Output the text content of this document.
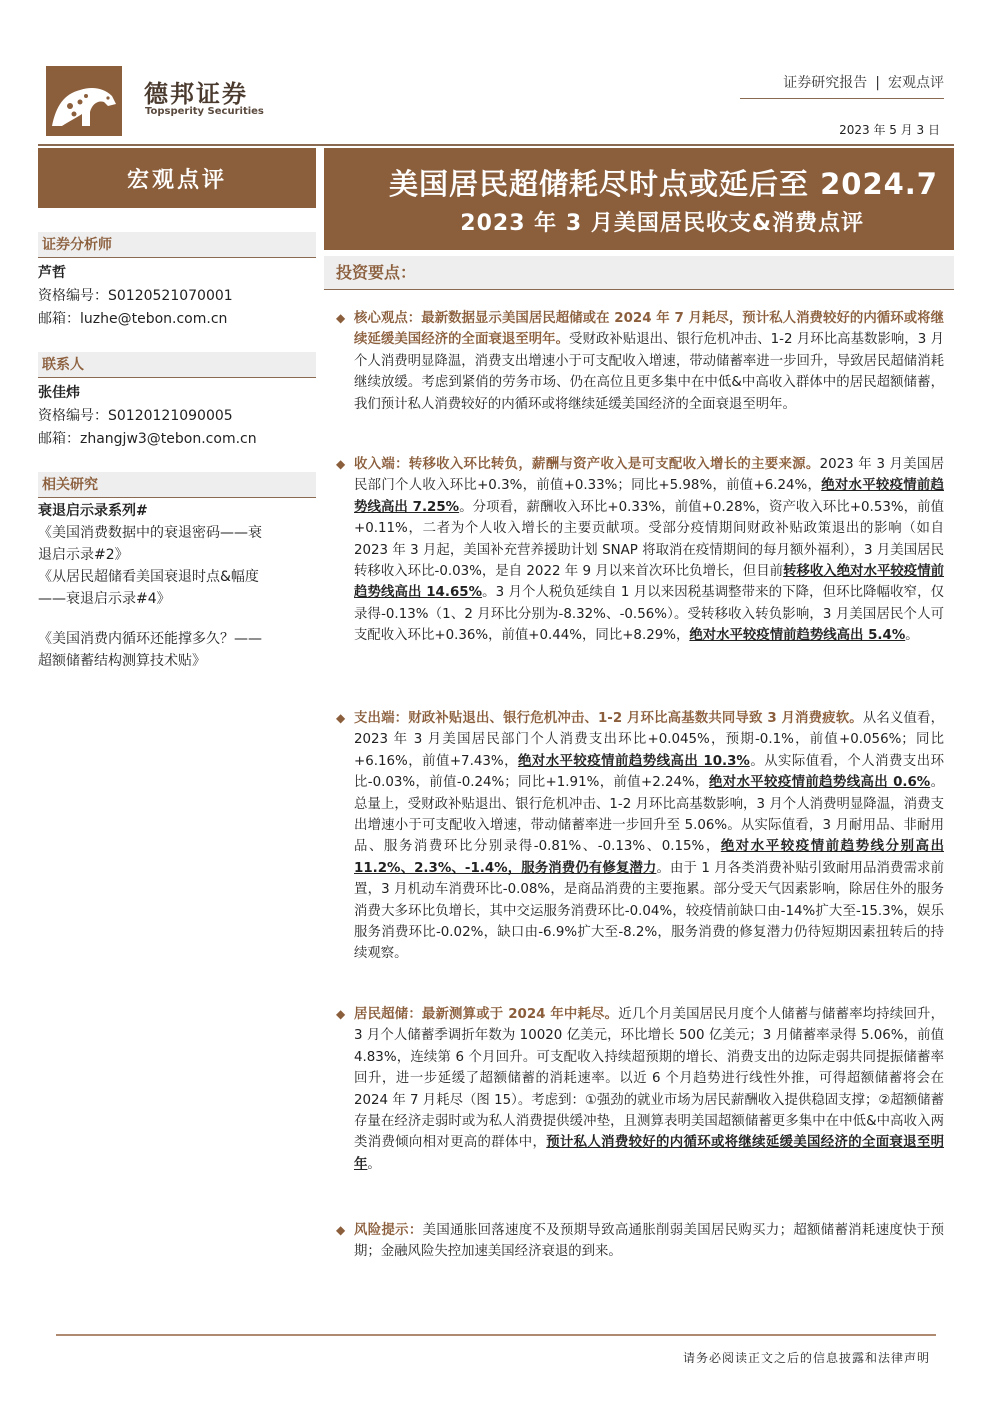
德邦证券
Topsperity Securities
证券研究报告 | 宏观点评
2023 年 5 月 3 日
宏观点评	美国居民超储耗尽时点或延后至 2024.7
2023 年 3 月美国居民收支&消费点评
证券分析师
芦哲
资格编号：S0120521070001
邮箱：luzhe@tebon.com.cn
联系人
张佳炜
资格编号：S0120121090005
邮箱：zhangjw3@tebon.com.cn
相关研究
衰退启示录系列#
《美国消费数据中的衰退密码——衰
退启示录#2》
《从居民超储看美国衰退时点&幅度
——衰退启示录#4》
《美国消费内循环还能撑多久？——
超额储蓄结构测算技术贴》
投资要点：
◆ 核心观点：最新数据显示美国居民超储或在 2024 年 7 月耗尽，预计私人消费较好的内循环或将继续延缓美国经济的全面衰退至明年。受财政补贴退出、银行危机冲击、1-2 月环比高基数影响，3 月个人消费明显降温，消费支出增速小于可支配收入增速，带动储蓄率进一步回升，导致居民超储消耗继续放缓。考虑到紧俏的劳务市场、仍在高位且更多集中在中低&中高收入群体中的居民超额储蓄，我们预计私人消费较好的内循环或将继续延缓美国经济的全面衰退至明年。
◆ 收入端：转移收入环比转负，薪酬与资产收入是可支配收入增长的主要来源。2023 年 3 月美国居民部门个人收入环比+0.3%，前值+0.33%；同比+5.98%，前值+6.24%，绝对水平较疫情前趋势线高出 7.25%。分项看，薪酬收入环比+0.33%，前值+0.28%，资产收入环比+0.53%，前值+0.11%，二者为个人收入增长的主要贡献项。受部分疫情期间财政补贴政策退出的影响（如自 2023 年 3 月起，美国补充营养援助计划 SNAP 将取消在疫情期间的每月额外福利），3 月美国居民转移收入环比-0.03%，是自 2022 年 9 月以来首次环比负增长，但目前转移收入绝对水平较疫情前趋势线高出 14.65%。3 月个人税负延续自 1 月以来因税基调整带来的下降，但环比降幅收窄，仅录得-0.13%（1、2 月环比分别为-8.32%、-0.56%）。受转移收入转负影响，3 月美国居民个人可支配收入环比+0.36%，前值+0.44%，同比+8.29%，绝对水平较疫情前趋势线高出 5.4%。
◆ 支出端：财政补贴退出、银行危机冲击、1-2 月环比高基数共同导致 3 月消费疲软。从名义值看，2023 年 3 月美国居民部门个人消费支出环比+0.045%，预期-0.1%，前值+0.056%；同比+6.16%，前值+7.43%，绝对水平较疫情前趋势线高出 10.3%。从实际值看，个人消费支出环比-0.03%，前值-0.24%；同比+1.91%，前值+2.24%，绝对水平较疫情前趋势线高出 0.6%。总量上，受财政补贴退出、银行危机冲击、1-2 月环比高基数影响，3 月个人消费明显降温，消费支出增速小于可支配收入增速，带动储蓄率进一步回升至 5.06%。从实际值看，3 月耐用品、非耐用品、服务消费环比分别录得-0.81%、-0.13%、0.15%，绝对水平较疫情前趋势线分别高出 11.2%、2.3%、-1.4%，服务消费仍有修复潜力。由于 1 月各类消费补贴引致耐用品消费需求前置，3 月机动车消费环比-0.08%，是商品消费的主要拖累。部分受天气因素影响，除居住外的服务消费大多环比负增长，其中交运服务消费环比-0.04%，较疫情前缺口由-14%扩大至-15.3%，娱乐服务消费环比-0.02%，缺口由-6.9%扩大至-8.2%，服务消费的修复潜力仍待短期因素扭转后的持续观察。
◆ 居民超储：最新测算或于 2024 年中耗尽。近几个月美国居民月度个人储蓄与储蓄率均持续回升，3 月个人储蓄季调折年数为 10020 亿美元，环比增长 500 亿美元；3 月储蓄率录得 5.06%，前值 4.83%，连续第 6 个月回升。可支配收入持续超预期的增长、消费支出的边际走弱共同提振储蓄率回升，进一步延缓了超额储蓄的消耗速率。以近 6 个月趋势进行线性外推，可得超额储蓄将会在 2024 年 7 月耗尽（图 15）。考虑到：①强劲的就业市场为居民薪酬收入提供稳固支撑；②超额储蓄存量在经济走弱时或为私人消费提供缓冲垫，且测算表明美国超额储蓄更多集中在中低&中高收入两类消费倾向相对更高的群体中，预计私人消费较好的内循环或将继续延缓美国经济的全面衰退至明年。
◆ 风险提示：美国通胀回落速度不及预期导致高通胀削弱美国居民购买力；超额储蓄消耗速度快于预期；金融风险失控加速美国经济衰退的到来。
请务必阅读正文之后的信息披露和法律声明
